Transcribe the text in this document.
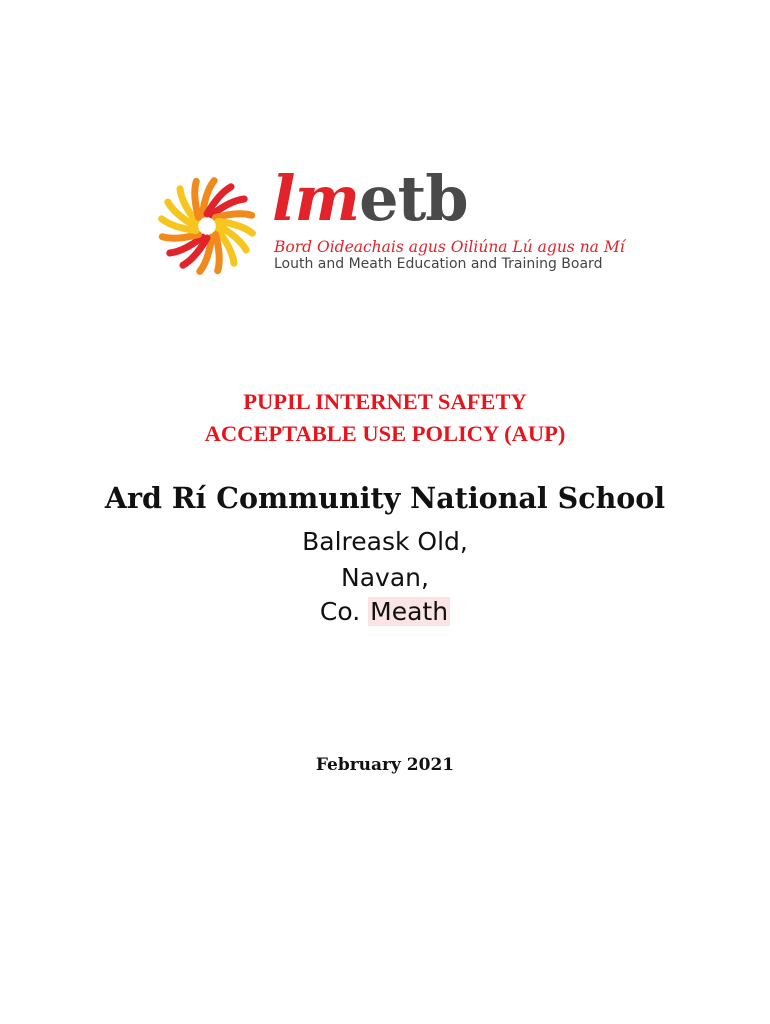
lmetb
Bord Oideachais agus Oiliúna Lú agus na Mí
Louth and Meath Education and Training Board
PUPIL INTERNET SAFETY
ACCEPTABLE USE POLICY (AUP)
Ard Rí Community National School
Balreask Old,
Navan,
Co. Meath
February 2021
